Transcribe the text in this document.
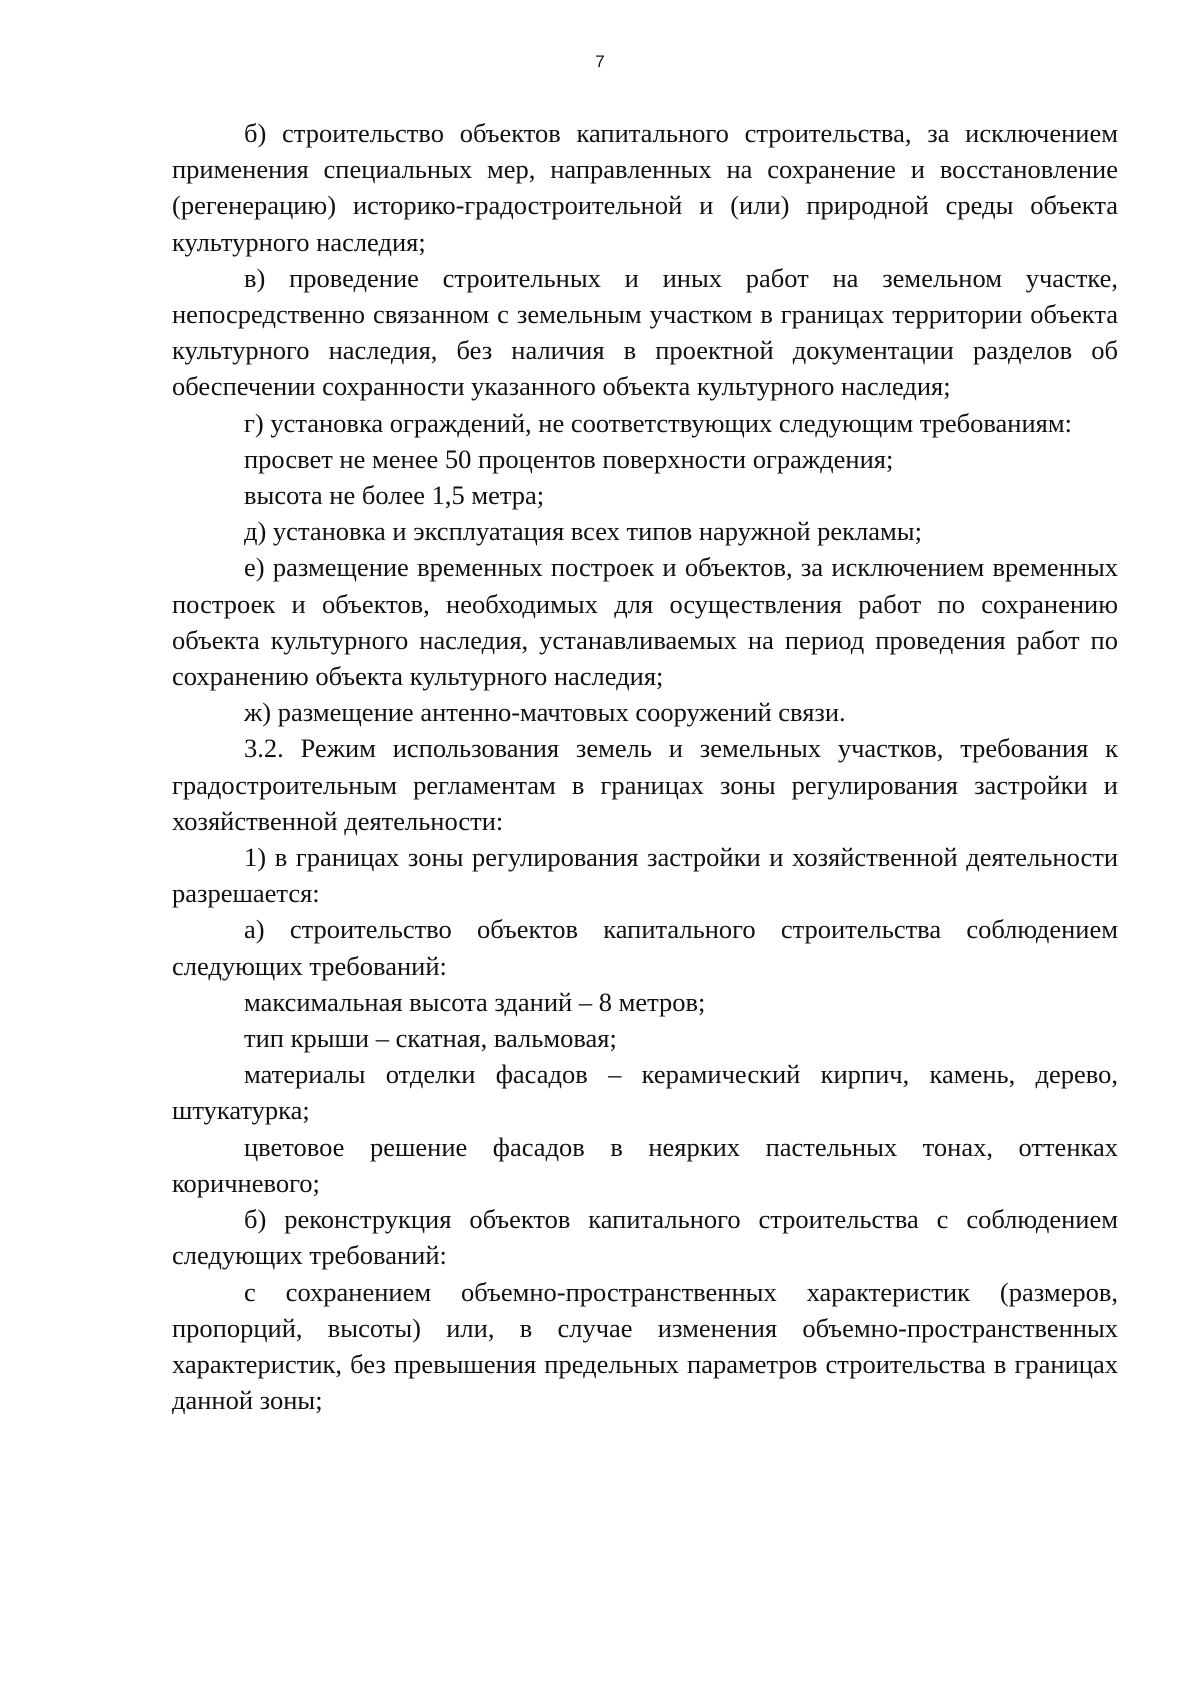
7

б) строительство объектов капитального строительства, за исключением применения специальных мер, направленных на сохранение и восстановление (регенерацию) историко-градостроительной и (или) природной среды объекта культурного наследия;

в) проведение строительных и иных работ на земельном участке, непосредственно связанном с земельным участком в границах территории объекта культурного наследия, без наличия в проектной документации разделов об обеспечении сохранности указанного объекта культурного наследия;

г) установка ограждений, не соответствующих следующим требованиям:

просвет не менее 50 процентов поверхности ограждения;

высота не более 1,5 метра;

д) установка и эксплуатация всех типов наружной рекламы;

е) размещение временных построек и объектов, за исключением временных построек и объектов, необходимых для осуществления работ по сохранению объекта культурного наследия, устанавливаемых на период проведения работ по сохранению объекта культурного наследия;

ж) размещение антенно-мачтовых сооружений связи.

3.2. Режим использования земель и земельных участков, требования к градостроительным регламентам в границах зоны регулирования застройки и хозяйственной деятельности:

1) в границах зоны регулирования застройки и хозяйственной деятельности разрешается:

а) строительство объектов капитального строительства соблюдением следующих требований:

максимальная высота зданий – 8 метров;

тип крыши – скатная, вальмовая;

материалы отделки фасадов – керамический кирпич, камень, дерево, штукатурка;

цветовое решение фасадов в неярких пастельных тонах, оттенках коричневого;

б) реконструкция объектов капитального строительства с соблюдением следующих требований:

с сохранением объемно-пространственных характеристик (размеров, пропорций, высоты) или, в случае изменения объемно-пространственных характеристик, без превышения предельных параметров строительства в границах данной зоны;
